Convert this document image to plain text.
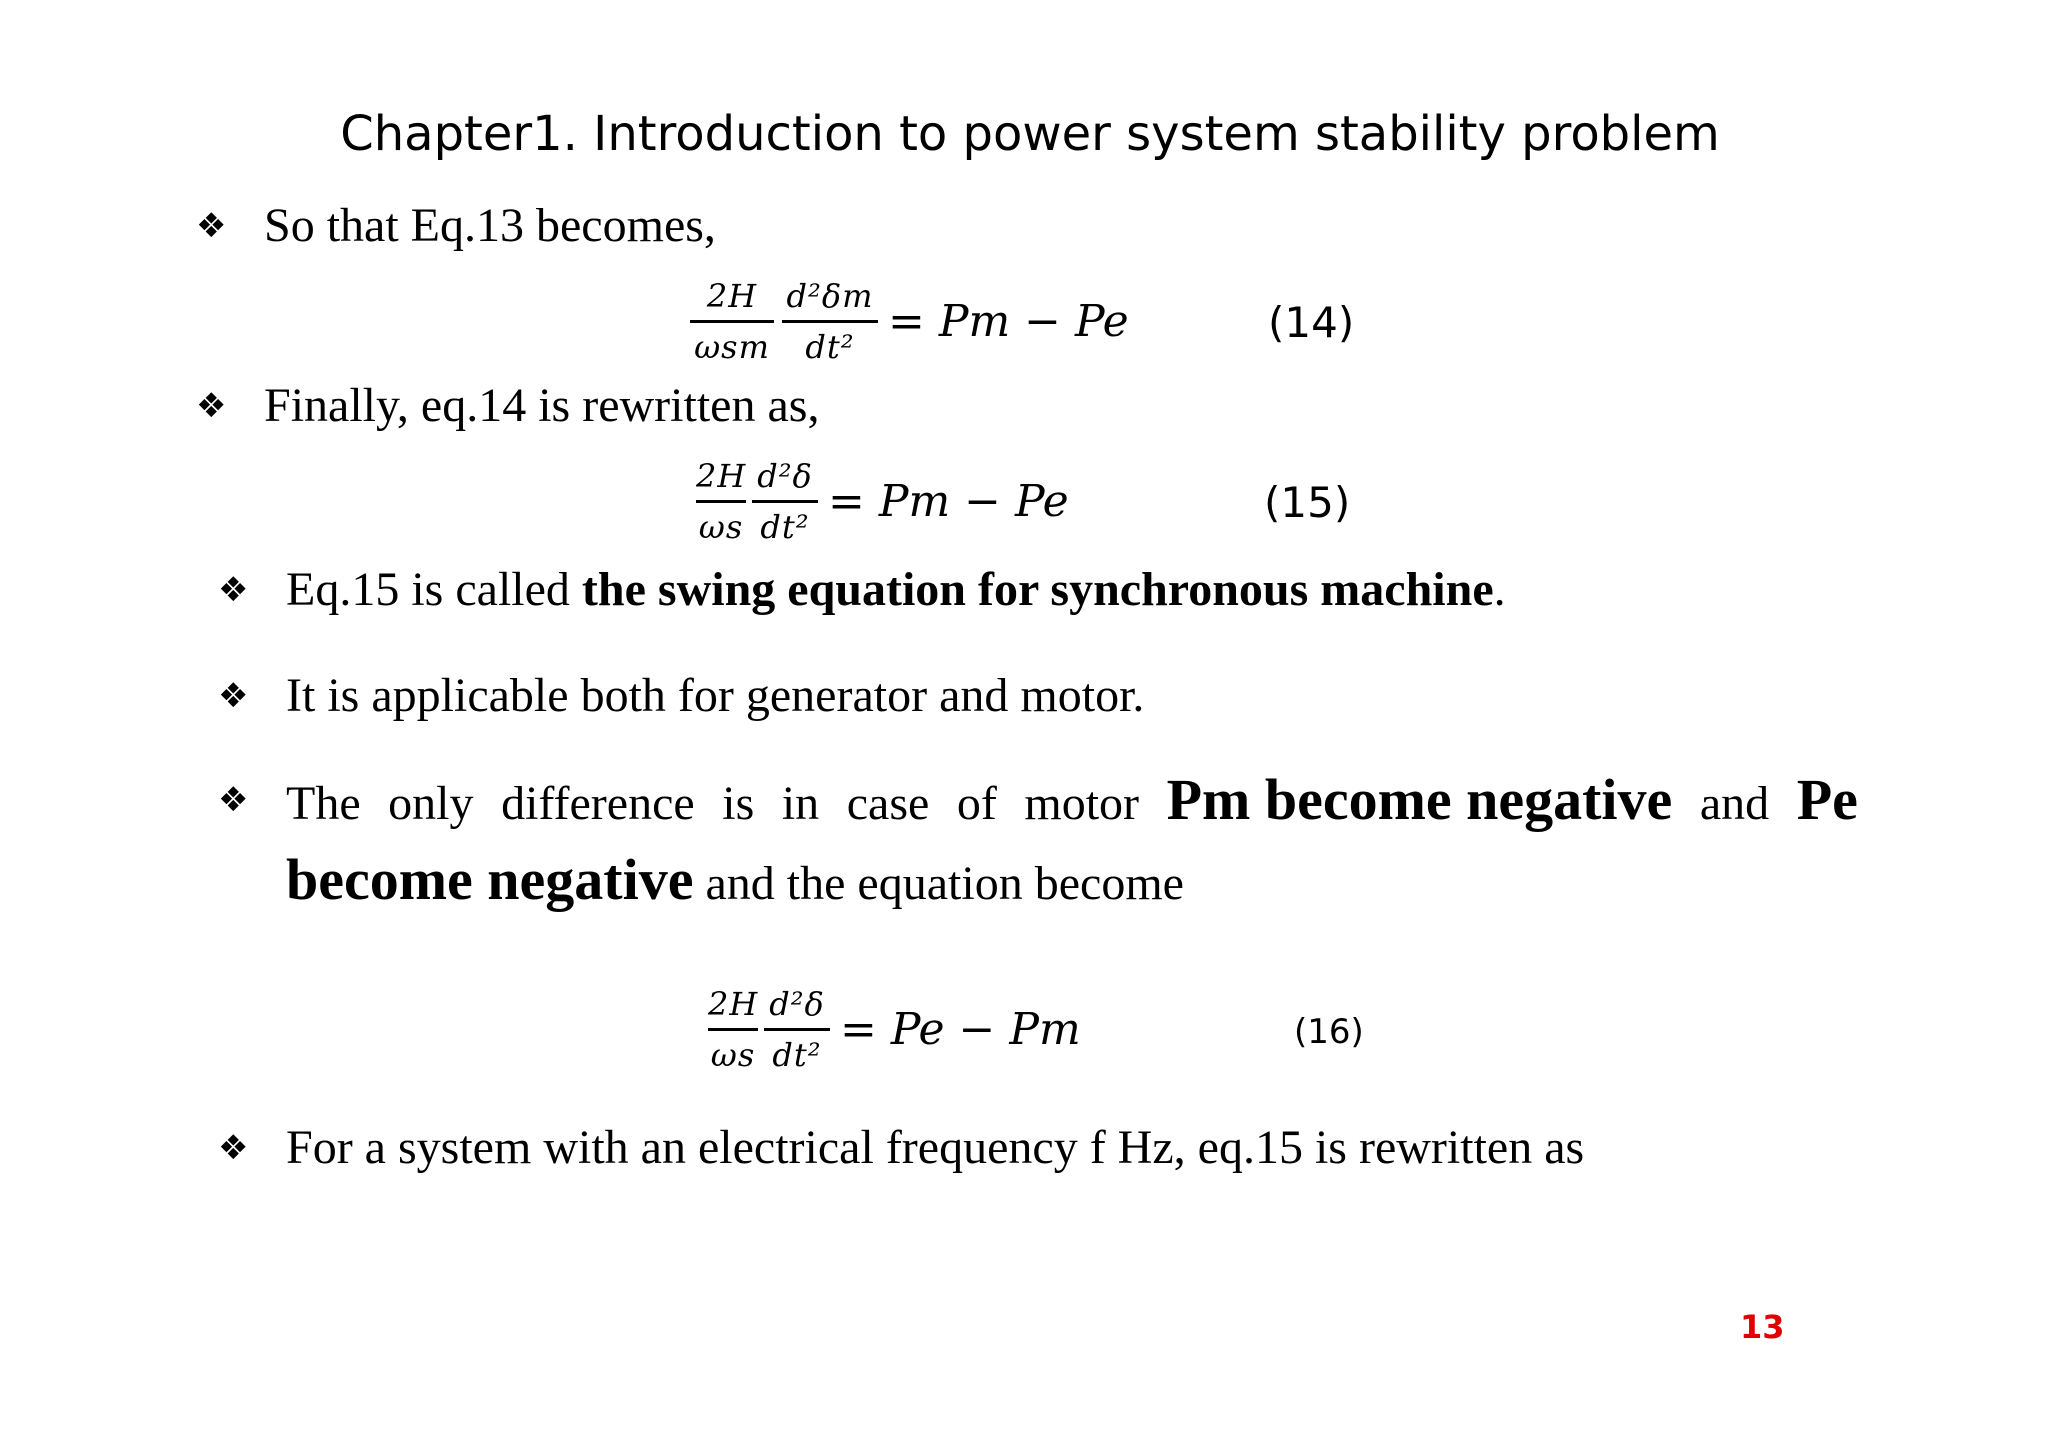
Chapter1. Introduction to power system stability problem
❖ So that Eq.13 becomes,
2H
ωsm
d²δm
dt² = Pm − Pe	(14)
❖ Finally, eq.14 is rewritten as,
2H
ωs
d²δ
dt² = Pm − Pe	(15)
❖ Eq.15 is called the swing equation for synchronous machine.
❖ It is applicable both for generator and motor.
❖ The only difference is in case of motor Pm become negative and Pe
become negative and the equation become
2H
ωs
d²δ
dt² = Pe − Pm	(16)
❖ For a system with an electrical frequency f Hz, eq.15 is rewritten as
13
